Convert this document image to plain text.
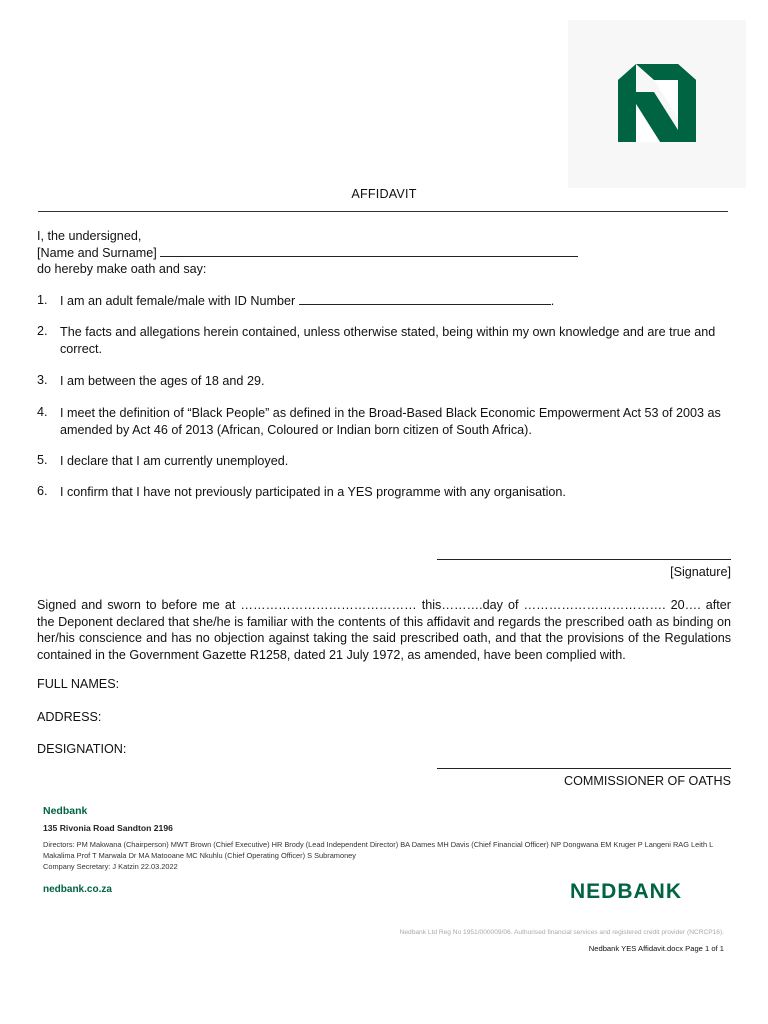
AFFIDAVIT
I, the undersigned,
[Name and Surname]
do hereby make oath and say:
1. I am an adult female/male with ID Number	.
2. The facts and allegations herein contained, unless otherwise stated, being within my own knowledge and are true and correct.
3. I am between the ages of 18 and 29.
4. I meet the definition of “Black People” as defined in the Broad-Based Black Economic Empowerment Act 53 of 2003 as amended by Act 46 of 2013 (African, Coloured or Indian born citizen of South Africa).
5. I declare that I am currently unemployed.
6. I confirm that I have not previously participated in a YES programme with any organisation.
[Signature]
Signed and sworn to before me at …………………………………… this……….day of ……………………………. 20…. after the Deponent declared that she/he is familiar with the contents of this affidavit and regards the prescribed oath as binding on her/his conscience and has no objection against taking the said prescribed oath, and that the provisions of the Regulations contained in the Government Gazette R1258, dated 21 July 1972, as amended, have been complied with.
FULL NAMES:
ADDRESS:
DESIGNATION:
COMMISSIONER OF OATHS
Nedbank
135 Rivonia Road Sandton 2196
Directors: PM Makwana (Chairperson) MWT Brown (Chief Executive) HR Brody (Lead Independent Director) BA Dames MH Davis (Chief Financial Officer) NP Dongwana EM Kruger P Langeni RAG Leith L Makalima Prof T Marwala Dr MA Matooane MC Nkuhlu (Chief Operating Officer) S Subramoney
Company Secretary: J Katzin 22.03.2022
nedbank.co.za	NEDBANK
Nedbank Ltd Reg No 1951/000009/06. Authorised financial services and registered credit provider (NCRCP16).
Nedbank YES Affidavit.docx Page 1 of 1
